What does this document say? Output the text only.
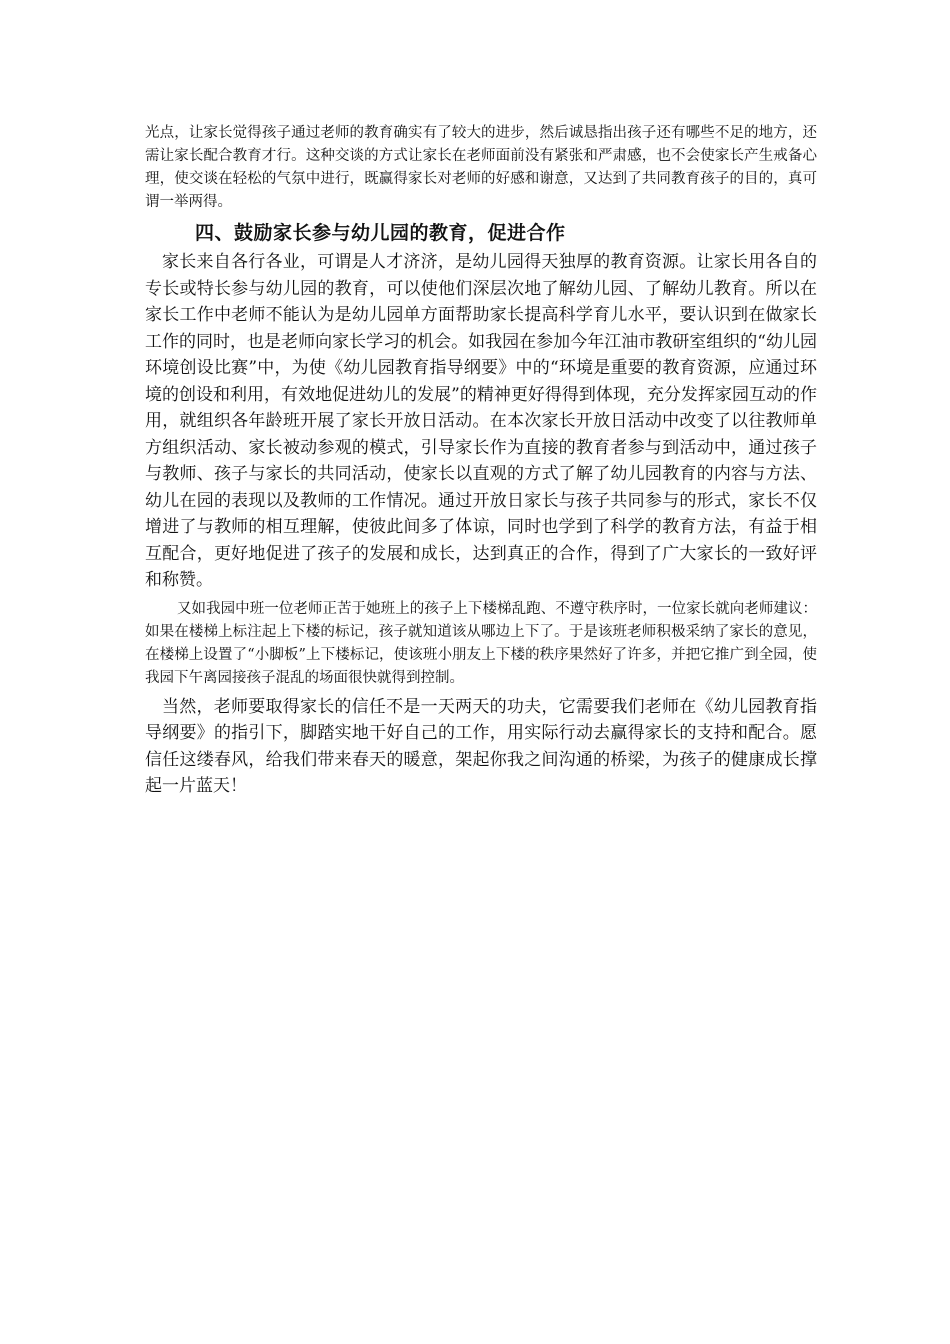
光点，让家长觉得孩子通过老师的教育确实有了较大的进步，然后诚恳指出孩子还有哪些不足的地方，还需让家长配合教育才行。这种交谈的方式让家长在老师面前没有紧张和严肃感，也不会使家长产生戒备心理，使交谈在轻松的气氛中进行，既赢得家长对老师的好感和谢意，又达到了共同教育孩子的目的，真可谓一举两得。

四、鼓励家长参与幼儿园的教育，促进合作

家长来自各行各业，可谓是人才济济，是幼儿园得天独厚的教育资源。让家长用各自的专长或特长参与幼儿园的教育，可以使他们深层次地了解幼儿园、了解幼儿教育。所以在家长工作中老师不能认为是幼儿园单方面帮助家长提高科学育儿水平，要认识到在做家长工作的同时，也是老师向家长学习的机会。如我园在参加今年江油市教研室组织的“幼儿园环境创设比赛”中，为使《幼儿园教育指导纲要》中的“环境是重要的教育资源，应通过环境的创设和利用，有效地促进幼儿的发展”的精神更好得得到体现，充分发挥家园互动的作用，就组织各年龄班开展了家长开放日活动。在本次家长开放日活动中改变了以往教师单方组织活动、家长被动参观的模式，引导家长作为直接的教育者参与到活动中，通过孩子与教师、孩子与家长的共同活动，使家长以直观的方式了解了幼儿园教育的内容与方法、幼儿在园的表现以及教师的工作情况。通过开放日家长与孩子共同参与的形式，家长不仅增进了与教师的相互理解，使彼此间多了体谅，同时也学到了科学的教育方法，有益于相互配合，更好地促进了孩子的发展和成长，达到真正的合作，得到了广大家长的一致好评和称赞。

又如我园中班一位老师正苦于她班上的孩子上下楼梯乱跑、不遵守秩序时，一位家长就向老师建议：如果在楼梯上标注起上下楼的标记，孩子就知道该从哪边上下了。于是该班老师积极采纳了家长的意见，在楼梯上设置了“小脚板”上下楼标记，使该班小朋友上下楼的秩序果然好了许多，并把它推广到全园，使我园下午离园接孩子混乱的场面很快就得到控制。

当然，老师要取得家长的信任不是一天两天的功夫，它需要我们老师在《幼儿园教育指导纲要》的指引下，脚踏实地干好自己的工作，用实际行动去赢得家长的支持和配合。愿信任这缕春风，给我们带来春天的暖意，架起你我之间沟通的桥梁，为孩子的健康成长撑起一片蓝天！
